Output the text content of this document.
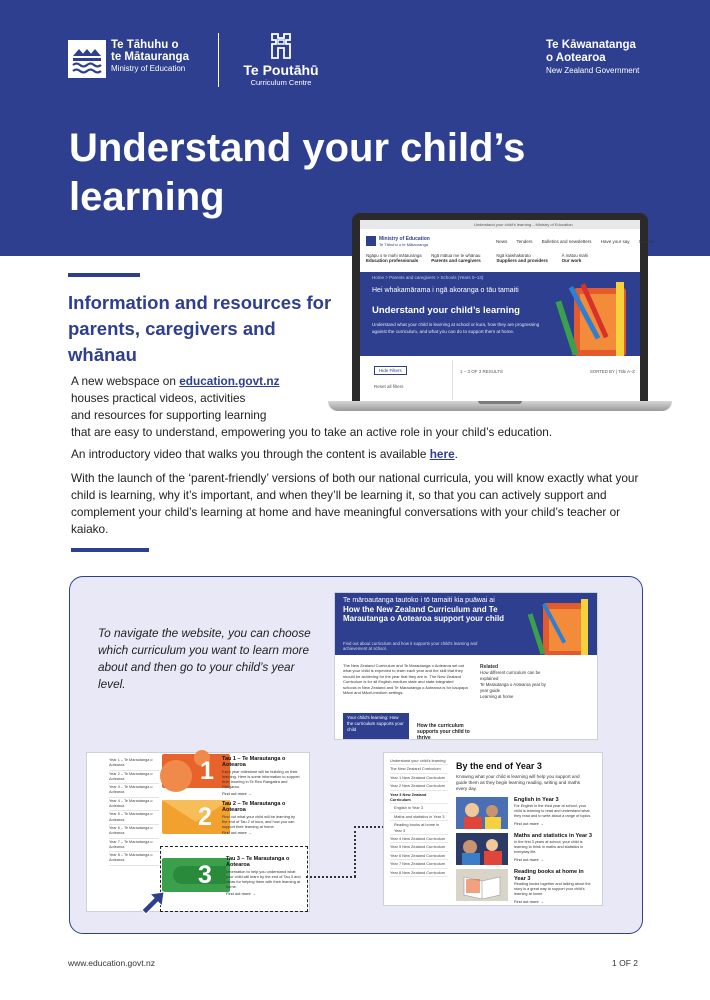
Te Tāhuhu o
te Mātauranga
Ministry of Education	Te Poutāhū
Curriculum Centre
Te Kāwanatanga
o Aotearoa
New Zealand Government
Understand your child’s learning
Understand your child’s learning – Ministry of Education
Ministry of Education
Te Tāhuhu o te Mātauranga
News Tenders Bulletins and newsletters Have your say Search
Ngāpu o te mahi mātauranga
Education professionals
Ngā mātua me te whānau
Parents and caregivers
Ngā kaiwhakarato
Suppliers and providers
Ā mātou mahi
Our work
Home > Parents and caregivers > Schools (Years 0–13)
Hei whakamārama i ngā akoranga o tāu tamaiti
Understand your child’s learning
Understand what your child is learning at school or kura, how they are progressing against the curriculum, and what you can do to support them at home.
Hide Filters
Reset all filters
1 – 3 OF 3 RESULTS	SORTED BY | Title A–Z
Information and resources for parents, caregivers and whānau

A new webspace on education.govt.nz

houses practical videos, activities

and resources for supporting learning

that are easy to understand, empowering you to take an active role in your child’s education.

An introductory video that walks you through the content is available here.

With the launch of the ‘parent-friendly’ versions of both our national curricula, you will know exactly what your child is learning, why it’s important, and when they’ll be learning it, so that you can actively support and complement your child’s learning at home and have meaningful conversations with your child’s teacher or kaiako.

To navigate the website, you can choose which curriculum you want to learn more about and then go to your child’s year level.

Te māroautanga tautoko i tō tamaiti kia puāwai ai
How the New Zealand Curriculum and Te Marautanga o Aotearoa support your child
Find out about curriculum and how it supports your child’s learning and achievement at school.
The New Zealand Curriculum and Te Marautanga o Aotearoa set out what your child is expected to learn each year and the skill that they should be achieving for the year that they are in. The New Zealand Curriculum is for all English-medium state and state-integrated schools in New Zealand and Te Marautanga o Aotearoa is for kaupapa Māori and Māori-medium settings.
Related
How different curriculum can be explained
Te Marautanga o Aotearoa year by year guide
Learning at home
Your child’s learning: How the curriculum supports your child
How the curriculum supports your child to thrive
Year 1 – Te Marautanga o Aotearoa
Year 2 – Te Marautanga o Aotearoa
Year 3 – Te Marautanga o Aotearoa
Year 4 – Te Marautanga o Aotearoa
Year 5 – Te Marautanga o Aotearoa
Year 6 – Te Marautanga o Aotearoa
Year 7 – Te Marautanga o Aotearoa
Year 8 – Te Marautanga o Aotearoa
1 Tau 1 – Te Marautanga o Aotearoa
Each year milestone will be building on their learning. Here is some information to support their learning in Te Reo Rangatira and Pāngarau.
Find out more →
2 Tau 2 – Te Marautanga o Aotearoa
Find out what your child will be learning by the end of Tau 2 of kura, and how you can support their learning at home.
Find out more →
3
Tau 3 – Te Marautanga o Aotearoa
Information to help you understand what your child will learn by the end of Tau 3 and ideas for helping them with their learning at home.
Find out more →
Understand your child’s learning
The New Zealand Curriculum
Year 1 New Zealand Curriculum
Year 2 New Zealand Curriculum
Year 3 New Zealand Curriculum
English in Year 3
Maths and statistics in Year 3
Reading books at home in Year 3
Year 4 New Zealand Curriculum
Year 5 New Zealand Curriculum
Year 6 New Zealand Curriculum
Year 7 New Zealand Curriculum
Year 8 New Zealand Curriculum
By the end of Year 3
Knowing what your child is learning will help you support and guide them as they begin learning reading, writing and maths every day.
English in Year 3
For English in the third year at school, your child is learning to read and understand what they read and to write about a range of topics.
Find out more →
Maths and statistics in Year 3
In the first 3 years at school, your child is learning to think in maths and statistics in everyday life.
Find out more →
Reading books at home in Year 3
Reading books together and talking about the story is a great way to support your child’s learning at home.
Find out more →
www.education.govt.nz	1 OF 2
